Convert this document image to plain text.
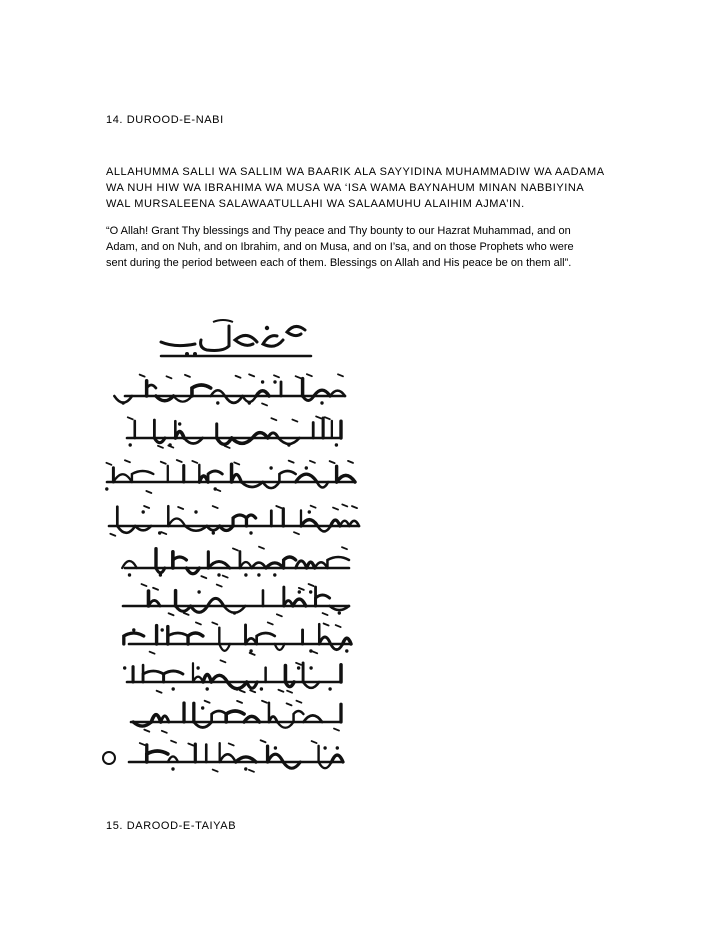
14. DUROOD-E-NABI
ALLAHUMMA SALLI WA SALLIM WA BAARIK ALA SAYYIDINA MUHAMMADIW WA AADAMA
WA NUH HIW WA IBRAHIMA WA MUSA WA ‘ISA WAMA BAYNAHUM MINAN NABBIYINA
WAL MURSALEENA SALAWAATULLAHI WA SALAAMUHU ALAIHIM AJMA’IN.
“O Allah! Grant Thy blessings and Thy peace and Thy bounty to our Hazrat Muhammad, and on
Adam, and on Nuh, and on Ibrahim, and on Musa, and on I’sa, and on those Prophets who were
sent during the period between each of them. Blessings on Allah and His peace be on them all”.
15. DAROOD-E-TAIYAB
